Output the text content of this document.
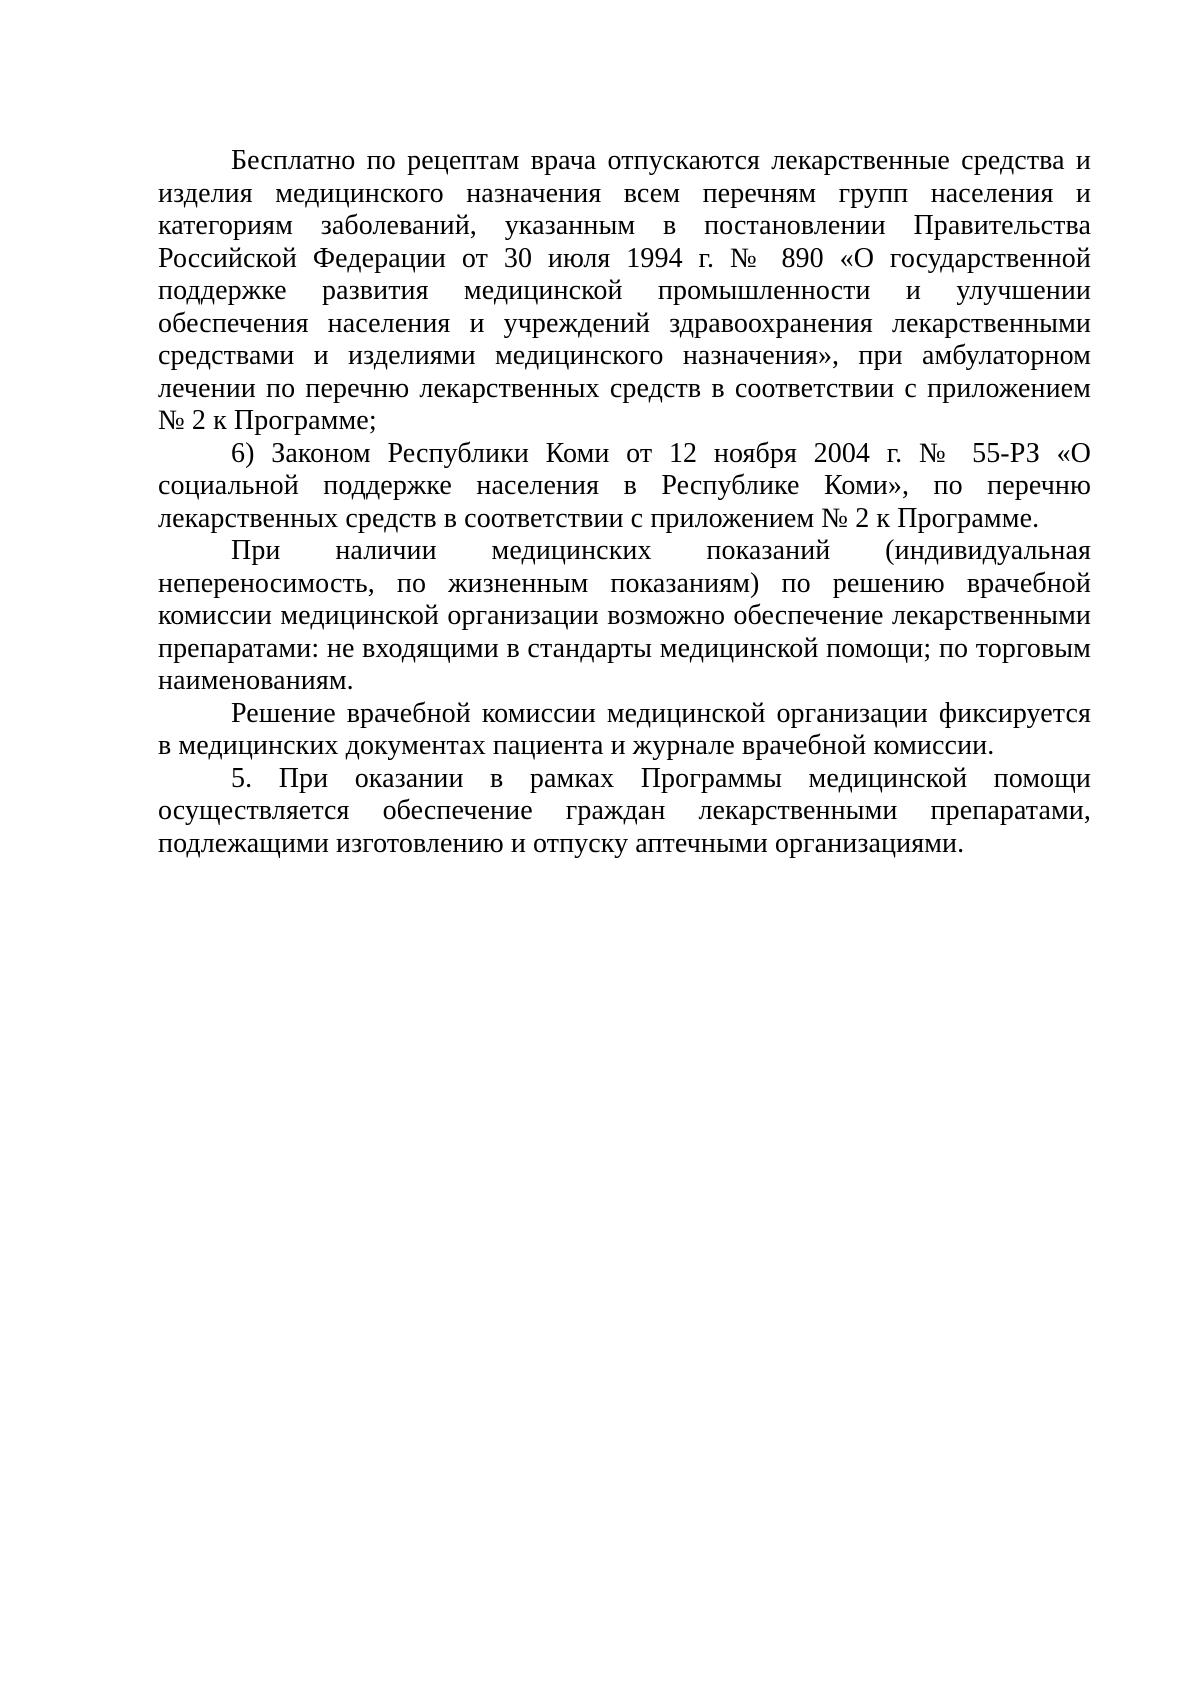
Бесплатно по рецептам врача отпускаются лекарственные средства и изделия медицинского назначения всем перечням групп населения и категориям заболеваний, указанным в постановлении Правительства Российской Федерации от 30 июля 1994 г. № 890 «О государственной поддержке развития медицинской промышленности и улучшении обеспечения населения и учреждений здравоохранения лекарственными средствами и изделиями медицинского назначения», при амбулаторном лечении по перечню лекарственных средств в соответствии с приложением № 2 к Программе;

6) Законом Республики Коми от 12 ноября 2004 г. № 55-РЗ «О социальной поддержке населения в Республике Коми», по перечню лекарственных средств в соответствии с приложением № 2 к Программе.

При наличии медицинских показаний (индивидуальная непереносимость, по жизненным показаниям) по решению врачебной комиссии медицинской организации возможно обеспечение лекарственными препаратами: не входящими в стандарты медицинской помощи; по торговым наименованиям.

Решение врачебной комиссии медицинской организации фиксируется в медицинских документах пациента и журнале врачебной комиссии.

5. При оказании в рамках Программы медицинской помощи осуществляется обеспечение граждан лекарственными препаратами, подлежащими изготовлению и отпуску аптечными организациями.
